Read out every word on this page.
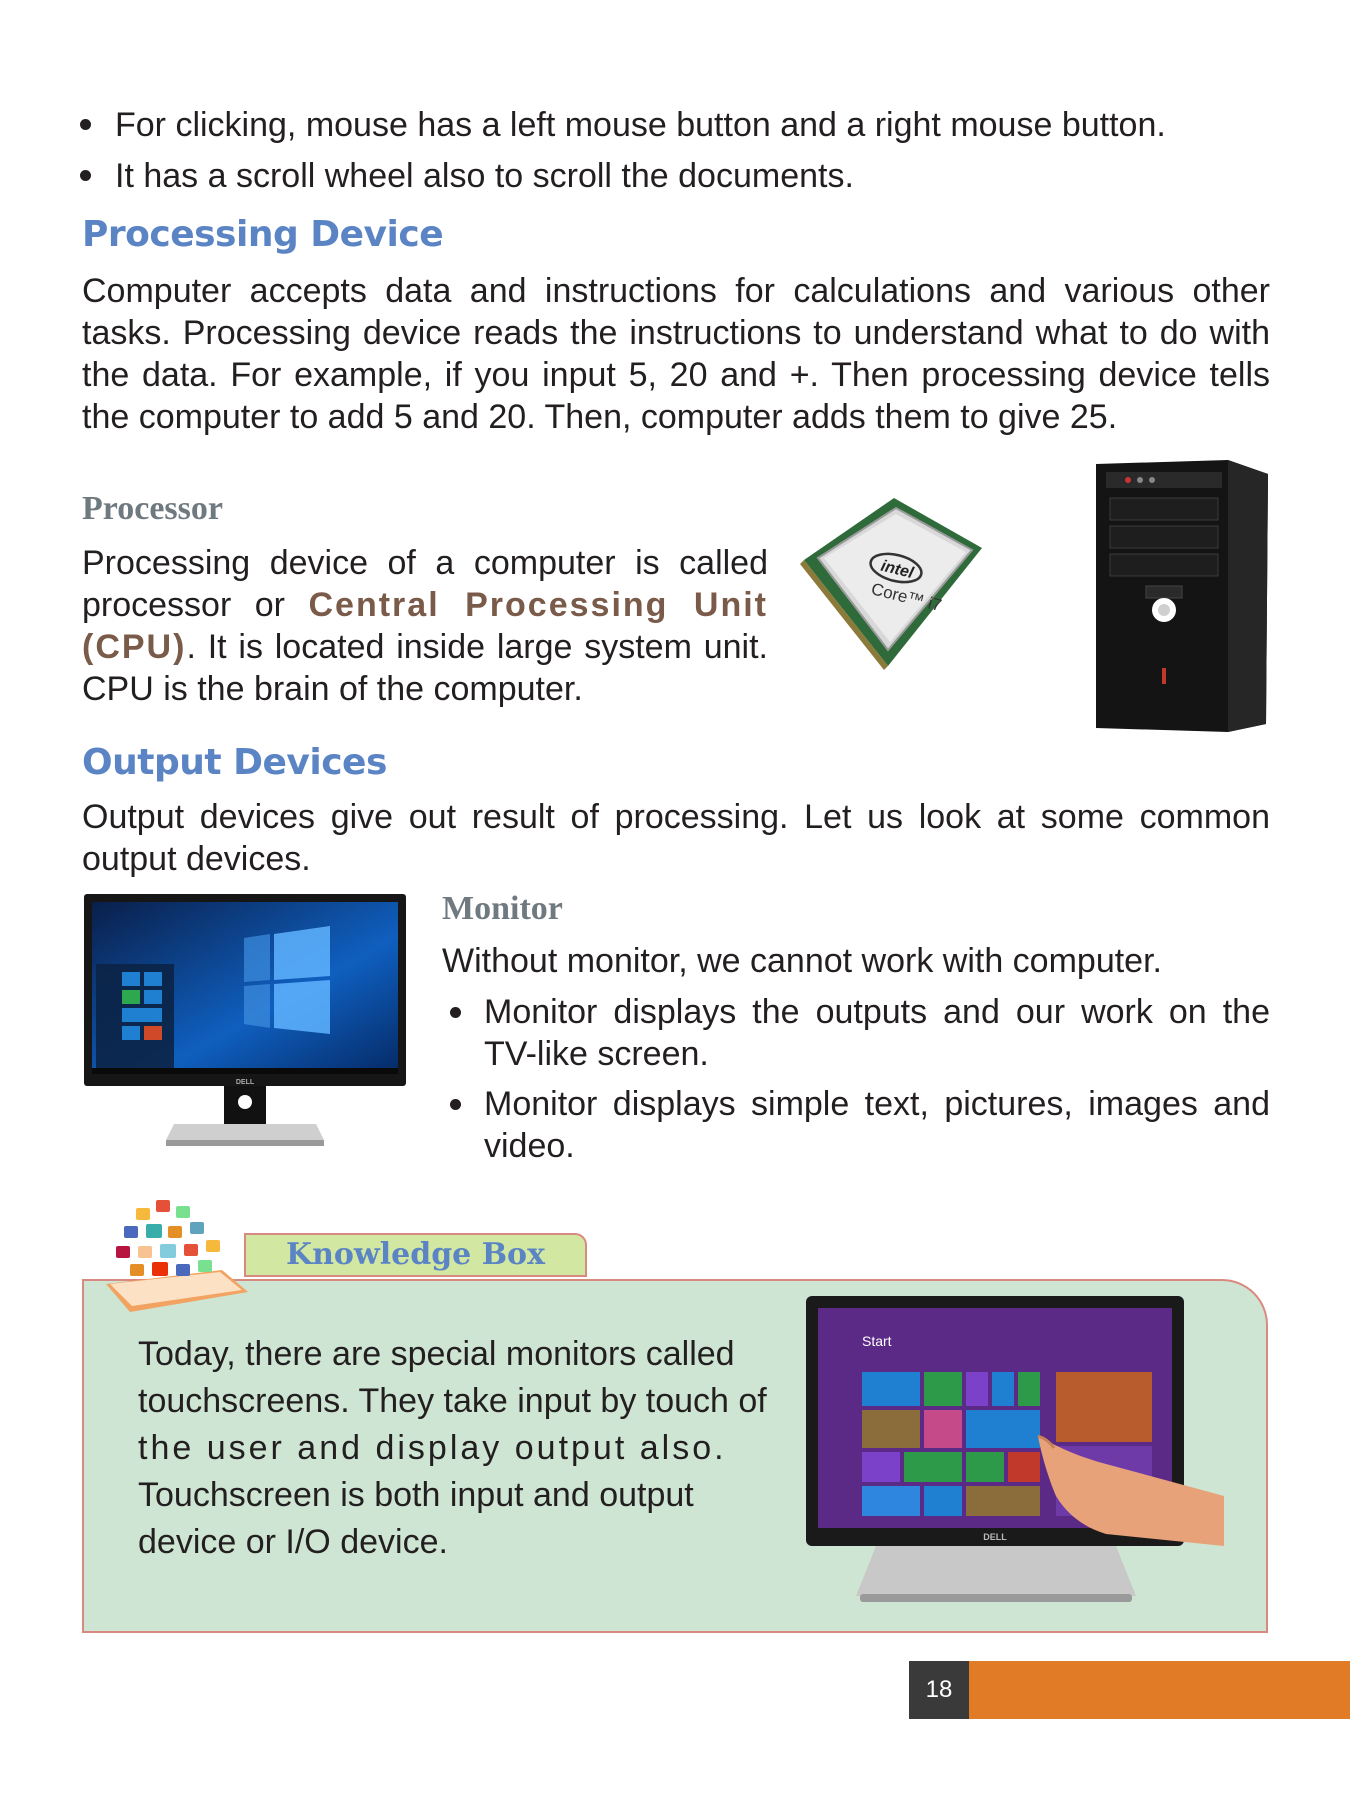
For clicking, mouse has a left mouse button and a right mouse button.
It has a scroll wheel also to scroll the documents.
Processing Device
Computer accepts data and instructions for calculations and various other tasks. Processing device reads the instructions to understand what to do with the data. For example, if you input 5, 20 and +. Then processing device tells the computer to add 5 and 20. Then, computer adds them to give 25.
Processor
Processing device of a computer is called processor or Central Processing Unit (CPU). It is located inside large system unit. CPU is the brain of the computer.
intel
Core™ i7
Output Devices
Output devices give out result of processing. Let us look at some common output devices.
DELL
Monitor
Without monitor, we cannot work with computer.
Monitor displays the outputs and our work on the TV-like screen.
Monitor displays simple text, pictures, images and video.
Knowledge Box
Today, there are special monitors called
touchscreens. They take input by touch of
the user and display output also.
Touchscreen is both input and output
device or I/O device.
Start
DELL
18
